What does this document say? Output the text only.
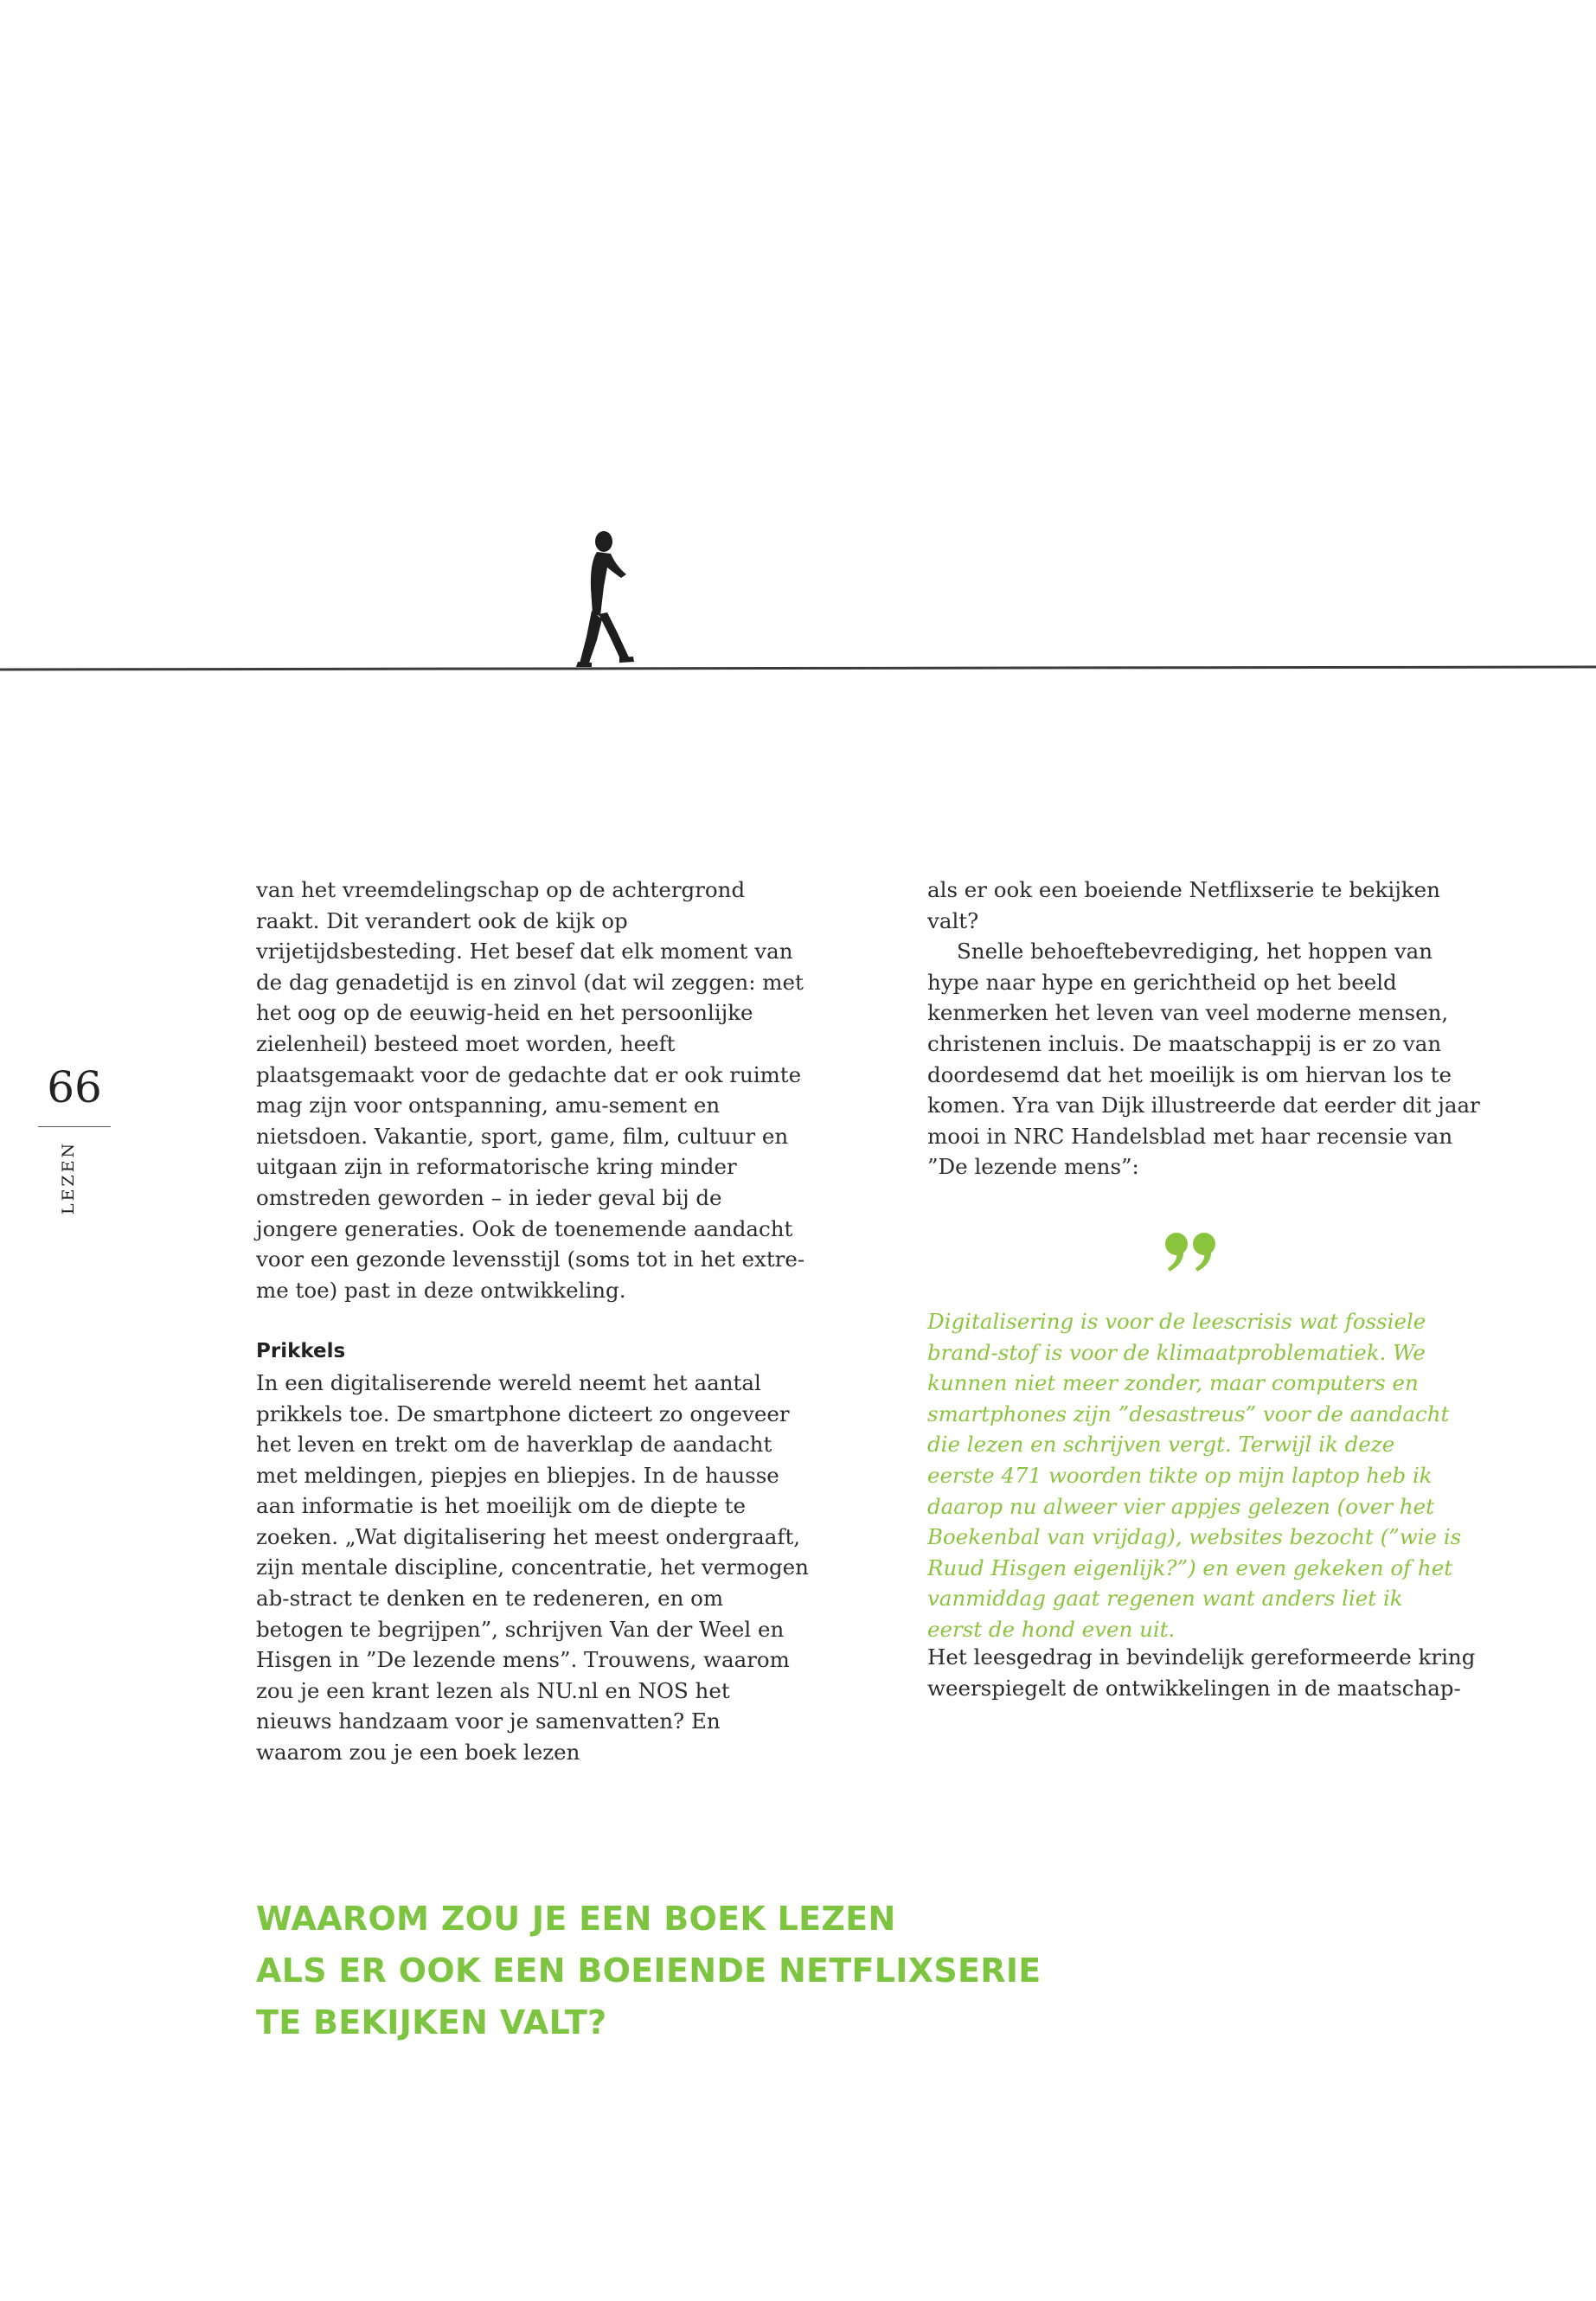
66
LEZEN

van het vreemdelingschap op de achtergrond raakt. Dit verandert ook de kijk op vrijetijdsbesteding. Het besef dat elk moment van de dag genadetijd is en zinvol (dat wil zeggen: met het oog op de eeuwig-heid en het persoonlijke zielenheil) besteed moet worden, heeft plaatsgemaakt voor de gedachte dat er ook ruimte mag zijn voor ontspanning, amu-sement en nietsdoen. Vakantie, sport, game, film, cultuur en uitgaan zijn in reformatorische kring minder omstreden geworden – in ieder geval bij de jongere generaties. Ook de toenemende aandacht voor een gezonde levensstijl (soms tot in het extre-me toe) past in deze ontwikkeling.

Prikkels

In een digitaliserende wereld neemt het aantal prikkels toe. De smartphone dicteert zo ongeveer het leven en trekt om de haverklap de aandacht met meldingen, piepjes en bliepjes. In de hausse aan informatie is het moeilijk om de diepte te zoeken. „Wat digitalisering het meest ondergraaft, zijn mentale discipline, concentratie, het vermogen ab-stract te denken en te redeneren, en om betogen te begrijpen”, schrijven Van der Weel en Hisgen in ”De lezende mens”. Trouwens, waarom zou je een krant lezen als NU.nl en NOS het nieuws handzaam voor je samenvatten? En waarom zou je een boek lezen

als er ook een boeiende Netflixserie te bekijken valt?

Snelle behoeftebevrediging, het hoppen van hype naar hype en gerichtheid op het beeld kenmerken het leven van veel moderne mensen, christenen incluis. De maatschappij is er zo van doordesemd dat het moeilijk is om hiervan los te komen. Yra van Dijk illustreerde dat eerder dit jaar mooi in NRC Handelsblad met haar recensie van ”De lezende mens”:

Digitalisering is voor de leescrisis wat fossiele brand-stof is voor de klimaatproblematiek. We kunnen niet meer zonder, maar computers en smartphones zijn ”desastreus” voor de aandacht die lezen en schrijven vergt. Terwijl ik deze eerste 471 woorden tikte op mijn laptop heb ik daarop nu alweer vier appjes gelezen (over het Boekenbal van vrijdag), websites bezocht (”wie is Ruud Hisgen eigenlijk?”) en even gekeken of het vanmiddag gaat regenen want anders liet ik eerst de hond even uit.

Het leesgedrag in bevindelijk gereformeerde kring weerspiegelt de ontwikkelingen in de maatschap-

WAAROM ZOU JE EEN BOEK LEZEN
ALS ER OOK EEN BOEIENDE NETFLIXSERIE
TE BEKIJKEN VALT?
